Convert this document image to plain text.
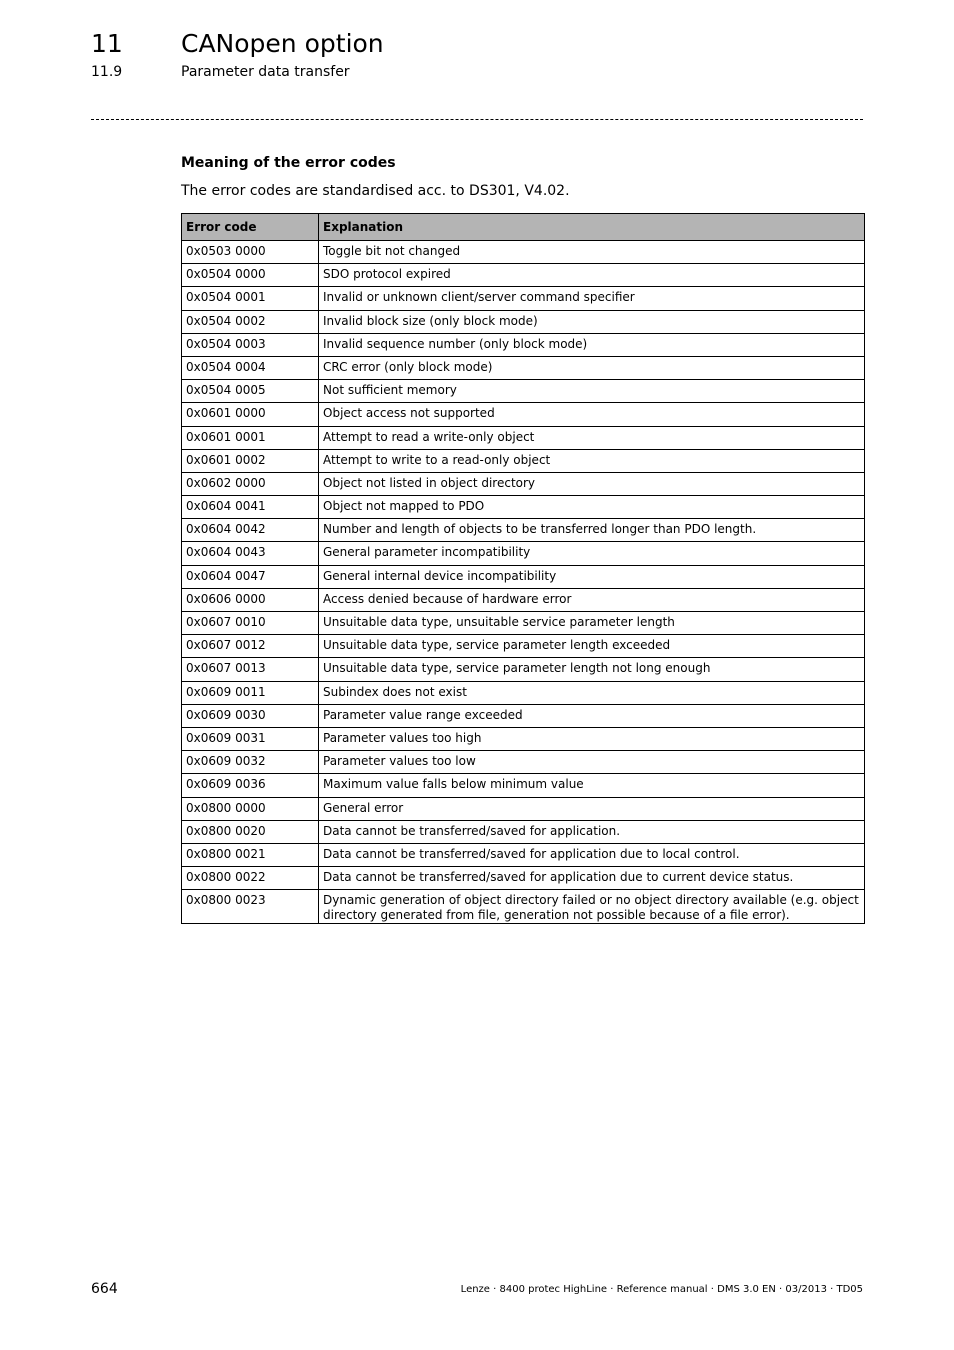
11 CANopen option
11.9	Parameter data transfer
Meaning of the error codes
The error codes are standardised acc. to DS301, V4.02.
Error code	Explanation
0x0503 0000	Toggle bit not changed
0x0504 0000	SDO protocol expired
0x0504 0001	Invalid or unknown client/server command specifier
0x0504 0002	Invalid block size (only block mode)
0x0504 0003	Invalid sequence number (only block mode)
0x0504 0004	CRC error (only block mode)
0x0504 0005	Not sufficient memory
0x0601 0000	Object access not supported
0x0601 0001	Attempt to read a write-only object
0x0601 0002	Attempt to write to a read-only object
0x0602 0000	Object not listed in object directory
0x0604 0041	Object not mapped to PDO
0x0604 0042	Number and length of objects to be transferred longer than PDO length.
0x0604 0043	General parameter incompatibility
0x0604 0047	General internal device incompatibility
0x0606 0000	Access denied because of hardware error
0x0607 0010	Unsuitable data type, unsuitable service parameter length
0x0607 0012	Unsuitable data type, service parameter length exceeded
0x0607 0013	Unsuitable data type, service parameter length not long enough
0x0609 0011	Subindex does not exist
0x0609 0030	Parameter value range exceeded
0x0609 0031	Parameter values too high
0x0609 0032	Parameter values too low
0x0609 0036	Maximum value falls below minimum value
0x0800 0000	General error
0x0800 0020	Data cannot be transferred/saved for application.
0x0800 0021	Data cannot be transferred/saved for application due to local control.
0x0800 0022	Data cannot be transferred/saved for application due to current device status.
0x0800 0023	Dynamic generation of object directory failed or no object directory available (e.g. object directory generated from file, generation not possible because of a file error).
664	Lenze · 8400 protec HighLine · Reference manual · DMS 3.0 EN · 03/2013 · TD05
